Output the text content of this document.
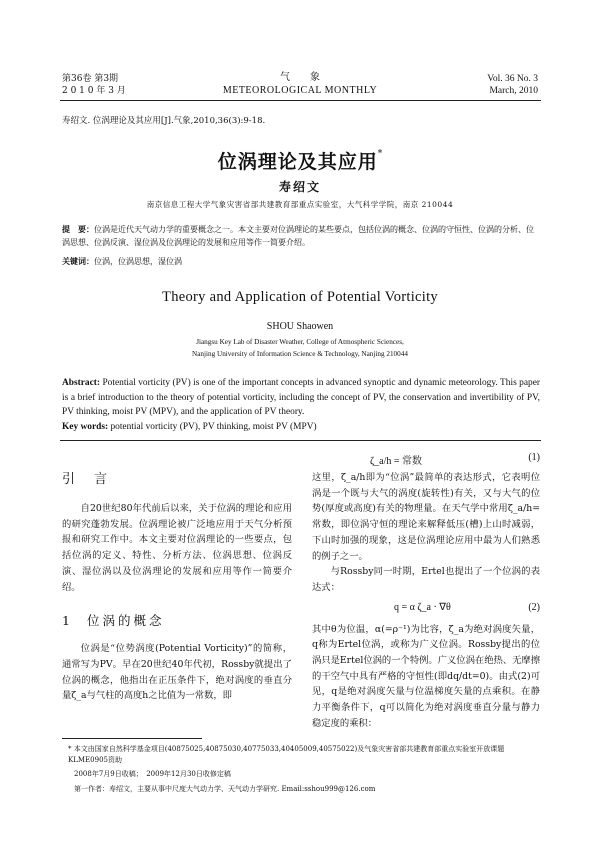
第36卷 第3期
2 0 1 0 年 3 月
气　　象
METEOROLOGICAL MONTHLY
Vol. 36 No. 3
March, 2010
寿绍文. 位涡理论及其应用[J].气象,2010,36(3):9-18.
位涡理论及其应用*
寿绍文
南京信息工程大学气象灾害省部共建教育部重点实验室，大气科学学院，南京 210044
提　要：位涡是近代天气动力学的重要概念之一。本文主要对位涡理论的某些要点，包括位涡的概念、位涡的守恒性、位涡的分析、位涡思想、位涡反演、湿位涡及位涡理论的发展和应用等作一简要介绍。
关键词：位涡，位涡思想，湿位涡
Theory and Application of Potential Vorticity
SHOU Shaowen
Jiangsu Key Lab of Disaster Weather, College of Atmospheric Sciences,
Nanjing University of Information Science & Technology, Nanjing 210044
Abstract: Potential vorticity (PV) is one of the important concepts in advanced synoptic and dynamic meteorology. This paper is a brief introduction to the theory of potential vorticity, including the concept of PV, the conservation and invertibility of PV, PV thinking, moist PV (MPV), and the application of PV theory.
Key words: potential vorticity (PV), PV thinking, moist PV (MPV)
引　言
自20世纪80年代前后以来，关于位涡的理论和应用的研究蓬勃发展。位涡理论被广泛地应用于天气分析预报和研究工作中。本文主要对位涡理论的一些要点，包括位涡的定义、特性、分析方法、位涡思想、位涡反演、湿位涡以及位涡理论的发展和应用等作一简要介绍。
1 位涡的概念
位涡是“位势涡度(Potential Vorticity)”的简称，通常写为PV。早在20世纪40年代初，Rossby就提出了位涡的概念，他指出在正压条件下，绝对涡度的垂直分量ζ_a与气柱的高度h之比值为一常数，即
ζ_a/h = 常数	(1)
这里，ζ_a/h即为“位涡”最简单的表达形式，它表明位涡是一个既与大气的涡度(旋转性)有关，又与大气的位势(厚度或高度)有关的物理量。在天气学中常用ζ_a/h=常数，即位涡守恒的理论来解释低压(槽)上山时减弱，下山时加强的现象，这是位涡理论应用中最为人们熟悉的例子之一。
与Rossby同一时期，Ertel也提出了一个位涡的表达式：
q = α ζ_a · ∇θ	(2)
其中θ为位温，α(=ρ⁻¹)为比容，ζ_a为绝对涡度矢量，q称为Ertel位涡，或称为广义位涡。Rossby提出的位涡只是Ertel位涡的一个特例。广义位涡在绝热、无摩擦的干空气中具有严格的守恒性(即dq/dt=0)。由式(2)可见，q是绝对涡度矢量与位温梯度矢量的点乘积。在静力平衡条件下，q可以简化为绝对涡度垂直分量与静力稳定度的乘积：
* 本文由国家自然科学基金项目(40875025,40875030,40775033,40405009,40575022)及气象灾害省部共建教育部重点实验室开放课题KLME0905资助
2008年7月9日收稿；　2009年12月30日收修定稿
第一作者：寿绍文，主要从事中尺度大气动力学、天气动力学研究. Email:sshou999@126.com
